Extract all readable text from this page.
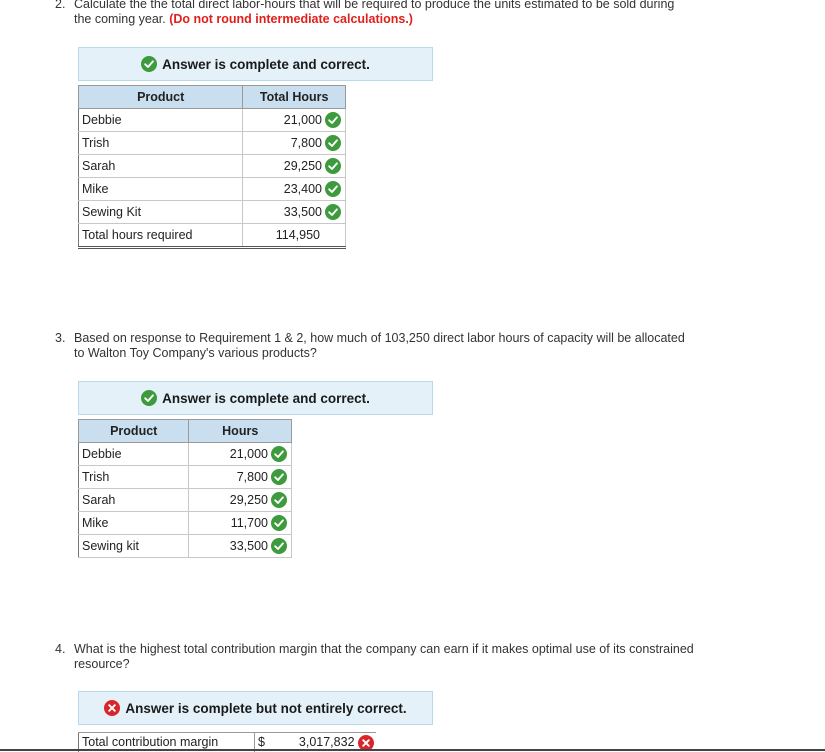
2. Calculate the the total direct labor-hours that will be required to produce the units estimated to be sold during the coming year. (Do not round intermediate calculations.)
Answer is complete and correct.
Product	Total Hours
Debbie	21,000
Trish	7,800
Sarah	29,250
Mike	23,400
Sewing Kit	33,500
Total hours required	114,950
3. Based on response to Requirement 1 & 2, how much of 103,250 direct labor hours of capacity will be allocated to Walton Toy Company's various products?
Answer is complete and correct.
Product	Hours
Debbie	21,000
Trish	7,800
Sarah	29,250
Mike	11,700
Sewing kit	33,500
4. What is the highest total contribution margin that the company can earn if it makes optimal use of its constrained resource?
Answer is complete but not entirely correct.
Total contribution margin	$	3,017,832
